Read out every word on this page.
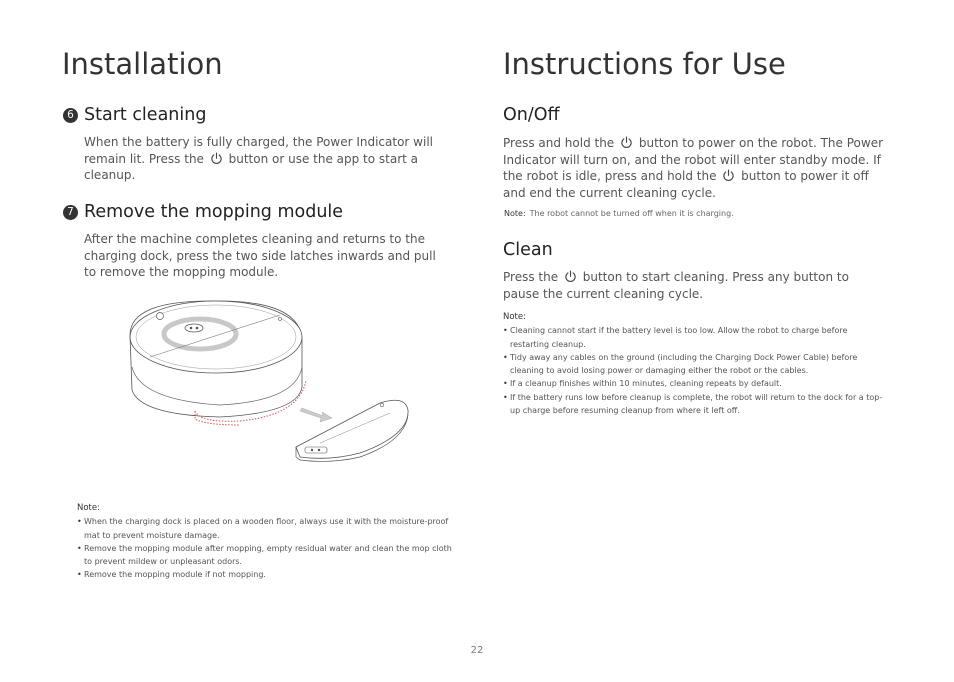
Installation
6 Start cleaning
When the battery is fully charged, the Power Indicator will remain lit. Press the button or use the app to start a cleanup.
7 Remove the mopping module
After the machine completes cleaning and returns to the charging dock, press the two side latches inwards and pull to remove the mopping module.
Note:
• When the charging dock is placed on a wooden floor, always use it with the moisture-proof mat to prevent moisture damage.
• Remove the mopping module after mopping, empty residual water and clean the mop cloth to prevent mildew or unpleasant odors.
• Remove the mopping module if not mopping.
Instructions for Use
On/Off
Press and hold the button to power on the robot. The Power Indicator will turn on, and the robot will enter standby mode. If the robot is idle, press and hold the button to power it off and end the current cleaning cycle.
Note: The robot cannot be turned off when it is charging.
Clean
Press the button to start cleaning. Press any button to pause the current cleaning cycle.
Note:
• Cleaning cannot start if the battery level is too low. Allow the robot to charge before restarting cleanup.
• Tidy away any cables on the ground (including the Charging Dock Power Cable) before cleaning to avoid losing power or damaging either the robot or the cables.
• If a cleanup finishes within 10 minutes, cleaning repeats by default.
• If the battery runs low before cleanup is complete, the robot will return to the dock for a top-up charge before resuming cleanup from where it left off.
22
